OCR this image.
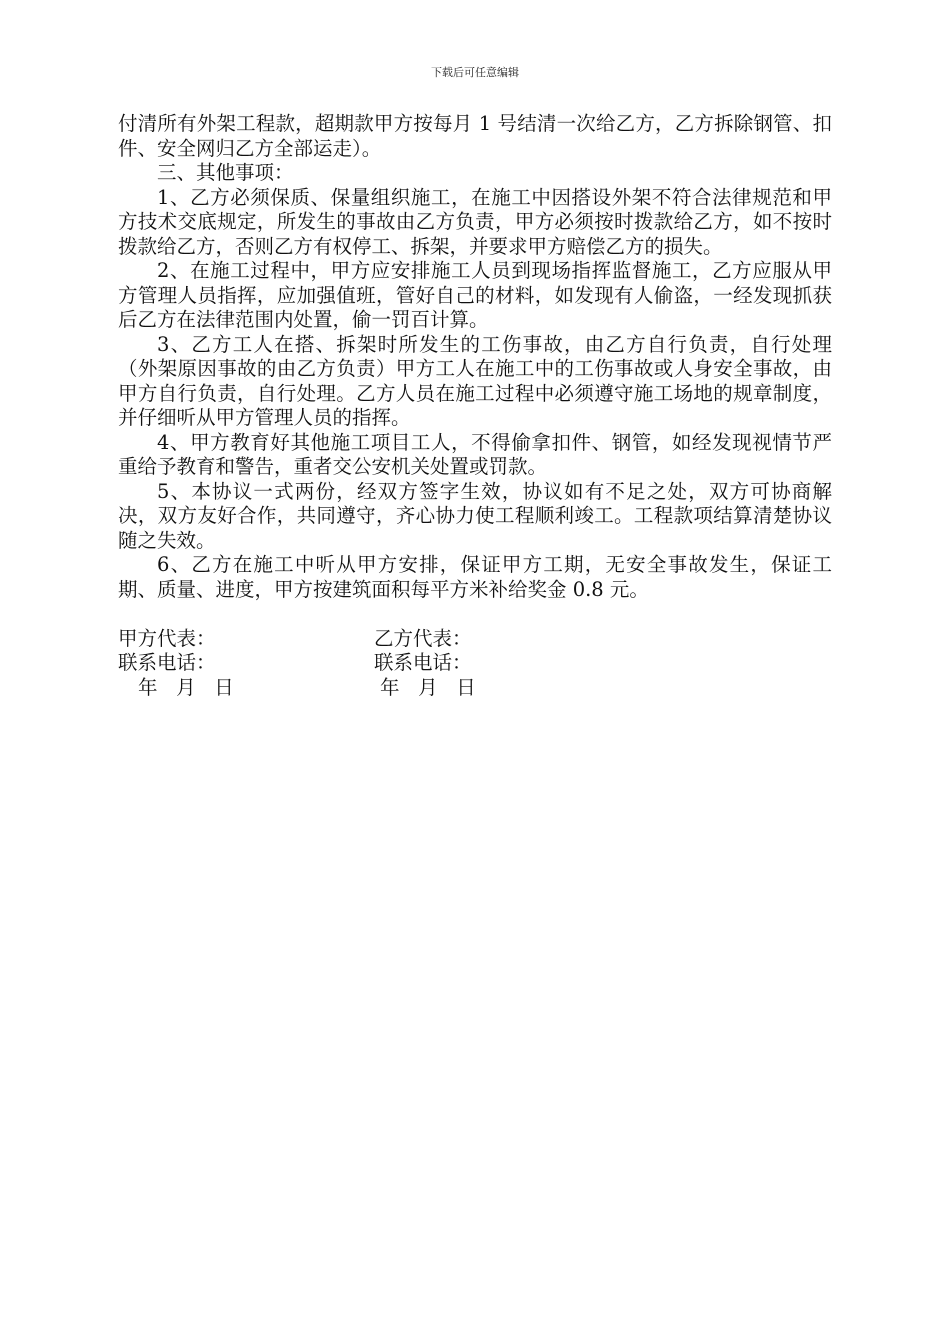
下载后可任意编辑

付清所有外架工程款，超期款甲方按每月 1 号结清一次给乙方，乙方拆除钢管、扣件、安全网归乙方全部运走）。

三、其他事项：

1、乙方必须保质、保量组织施工，在施工中因搭设外架不符合法律规范和甲方技术交底规定，所发生的事故由乙方负责，甲方必须按时拨款给乙方，如不按时拨款给乙方，否则乙方有权停工、拆架，并要求甲方赔偿乙方的损失。

2、在施工过程中，甲方应安排施工人员到现场指挥监督施工，乙方应服从甲方管理人员指挥，应加强值班，管好自己的材料，如发现有人偷盗，一经发现抓获后乙方在法律范围内处置，偷一罚百计算。

3、乙方工人在搭、拆架时所发生的工伤事故，由乙方自行负责，自行处理（外架原因事故的由乙方负责）甲方工人在施工中的工伤事故或人身安全事故，由甲方自行负责，自行处理。乙方人员在施工过程中必须遵守施工场地的规章制度，并仔细听从甲方管理人员的指挥。

4、甲方教育好其他施工项目工人，不得偷拿扣件、钢管，如经发现视情节严重给予教育和警告，重者交公安机关处置或罚款。

5、本协议一式两份，经双方签字生效，协议如有不足之处，双方可协商解决，双方友好合作，共同遵守，齐心协力使工程顺利竣工。工程款项结算清楚协议随之失效。

6、乙方在施工中听从甲方安排，保证甲方工期，无安全事故发生，保证工期、质量、进度，甲方按建筑面积每平方米补给奖金 0.8 元。

甲方代表：	乙方代表：
联系电话：	联系电话：
年   月   日	年   月   日
